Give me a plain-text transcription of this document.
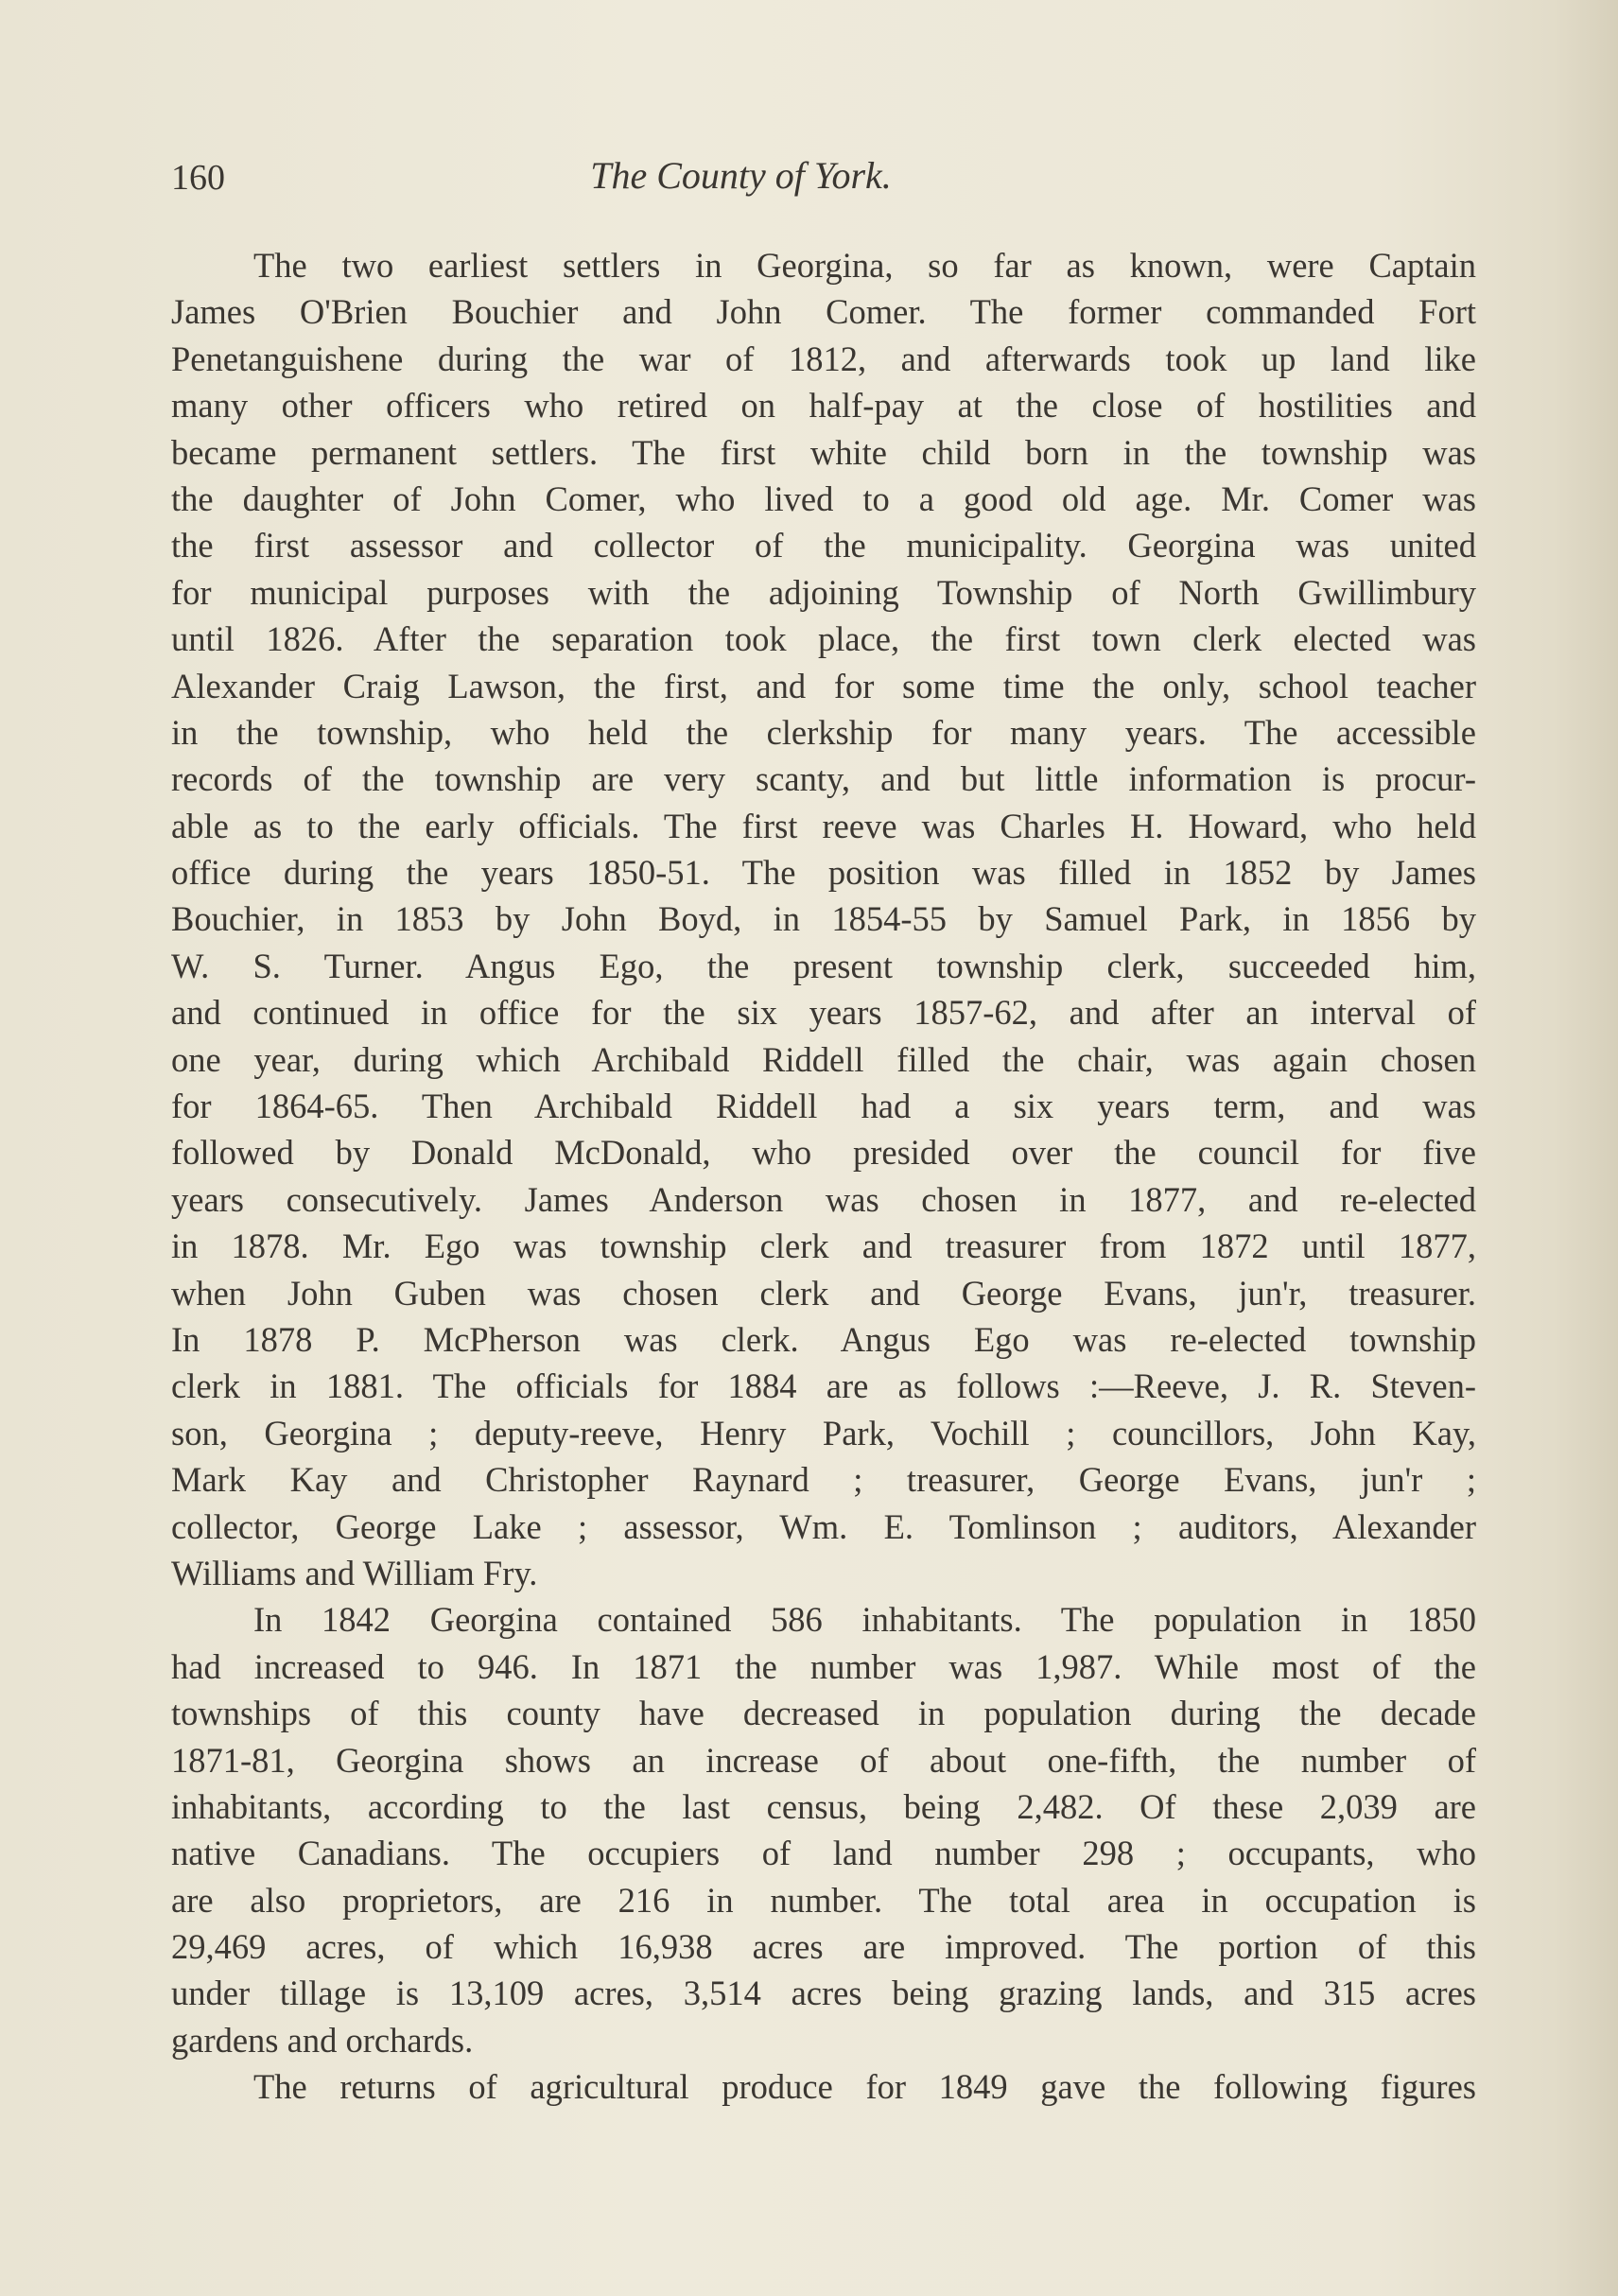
160	The County of York.
The two earliest settlers in Georgina, so far as known, were Captain
James O'Brien Bouchier and John Comer. The former commanded Fort
Penetanguishene during the war of 1812, and afterwards took up land like
many other officers who retired on half-pay at the close of hostilities and
became permanent settlers. The first white child born in the township was
the daughter of John Comer, who lived to a good old age. Mr. Comer was
the first assessor and collector of the municipality. Georgina was united
for municipal purposes with the adjoining Township of North Gwillimbury
until 1826. After the separation took place, the first town clerk elected was
Alexander Craig Lawson, the first, and for some time the only, school teacher
in the township, who held the clerkship for many years. The accessible
records of the township are very scanty, and but little information is procur-
able as to the early officials. The first reeve was Charles H. Howard, who held
office during the years 1850-51. The position was filled in 1852 by James
Bouchier, in 1853 by John Boyd, in 1854-55 by Samuel Park, in 1856 by
W. S. Turner. Angus Ego, the present township clerk, succeeded him,
and continued in office for the six years 1857-62, and after an interval of
one year, during which Archibald Riddell filled the chair, was again chosen
for 1864-65. Then Archibald Riddell had a six years term, and was
followed by Donald McDonald, who presided over the council for five
years consecutively. James Anderson was chosen in 1877, and re-elected
in 1878. Mr. Ego was township clerk and treasurer from 1872 until 1877,
when John Guben was chosen clerk and George Evans, jun'r, treasurer.
In 1878 P. McPherson was clerk. Angus Ego was re-elected township
clerk in 1881. The officials for 1884 are as follows :—Reeve, J. R. Steven-
son, Georgina ; deputy-reeve, Henry Park, Vochill ; councillors, John Kay,
Mark Kay and Christopher Raynard ; treasurer, George Evans, jun'r ;
collector, George Lake ; assessor, Wm. E. Tomlinson ; auditors, Alexander
Williams and William Fry.
In 1842 Georgina contained 586 inhabitants. The population in 1850
had increased to 946. In 1871 the number was 1,987. While most of the
townships of this county have decreased in population during the decade
1871-81, Georgina shows an increase of about one-fifth, the number of
inhabitants, according to the last census, being 2,482. Of these 2,039 are
native Canadians. The occupiers of land number 298 ; occupants, who
are also proprietors, are 216 in number. The total area in occupation is
29,469 acres, of which 16,938 acres are improved. The portion of this
under tillage is 13,109 acres, 3,514 acres being grazing lands, and 315 acres
gardens and orchards.
The returns of agricultural produce for 1849 gave the following figures
